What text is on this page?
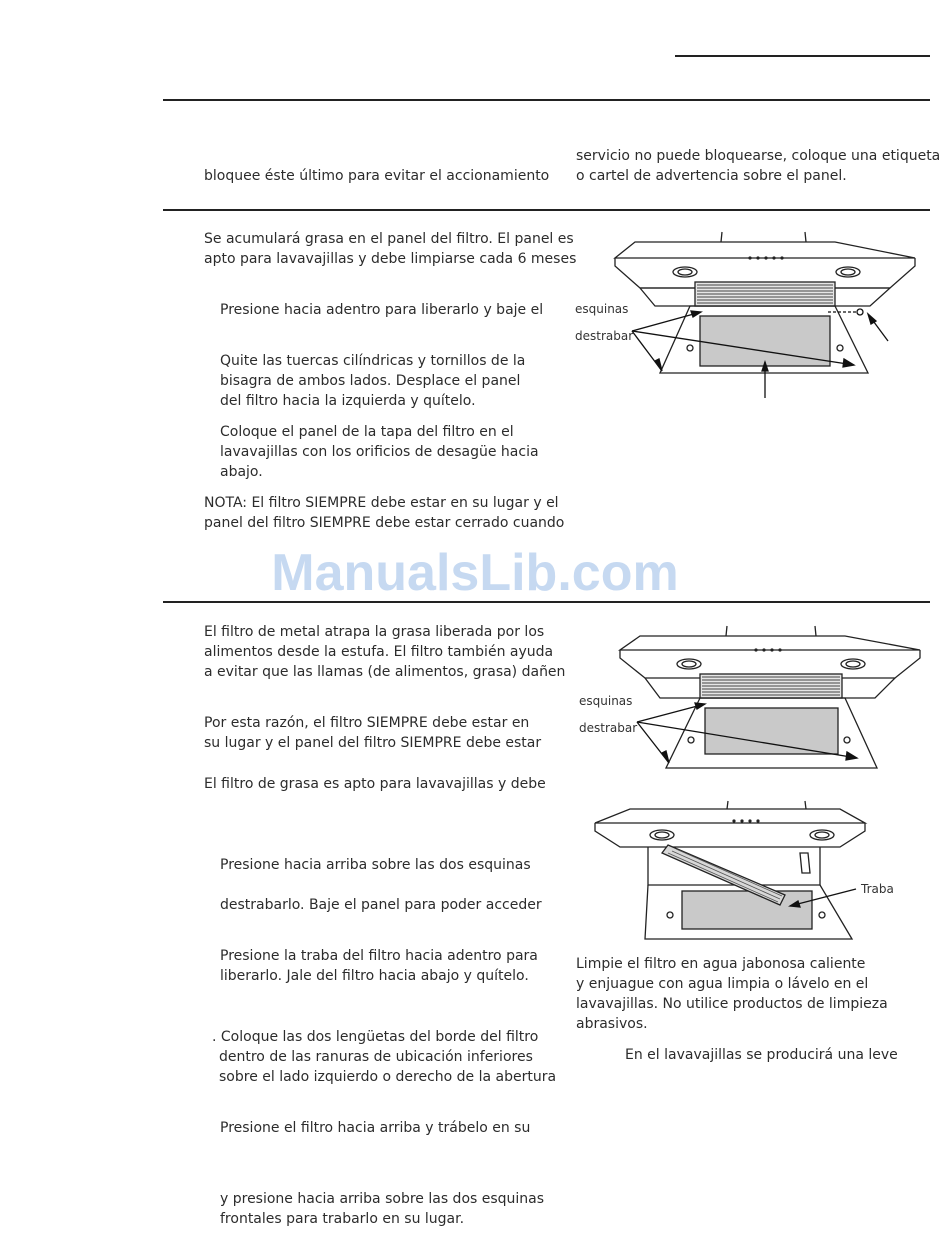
bloquee éste último para evitar el accionamiento
servicio no puede bloquearse, coloque una etiqueta
o cartel de advertencia sobre el panel.
Se acumulará grasa en el panel del filtro. El panel es
apto para lavavajillas y debe limpiarse cada 6 meses
Presione hacia adentro para liberarlo y baje el
Quite las tuercas cilíndricas y tornillos de la
bisagra de ambos lados. Desplace el panel
del filtro hacia la izquierda y quítelo.
Coloque el panel de la tapa del filtro en el
lavavajillas con los orificios de desagüe hacia
abajo.
NOTA: El filtro SIEMPRE debe estar en su lugar y el
panel del filtro SIEMPRE debe estar cerrado cuando
esquinas
destrabar
ManualsLib.com
El filtro de metal atrapa la grasa liberada por los
alimentos desde la estufa. El filtro también ayuda
a evitar que las llamas (de alimentos, grasa) dañen
Por esta razón, el filtro SIEMPRE debe estar en
su lugar y el panel del filtro SIEMPRE debe estar
El filtro de grasa es apto para lavavajillas y debe
Presione hacia arriba sobre las dos esquinas
destrabarlo. Baje el panel para poder acceder
Presione la traba del filtro hacia adentro para
liberarlo. Jale del filtro hacia abajo y quítelo.
. Coloque las dos lengüetas del borde del filtro
dentro de las ranuras de ubicación inferiores
sobre el lado izquierdo o derecho de la abertura
Presione el filtro hacia arriba y trábelo en su
y presione hacia arriba sobre las dos esquinas
frontales para trabarlo en su lugar.
esquinas
destrabar
Traba
Limpie el filtro en agua jabonosa caliente
y enjuague con agua limpia o lávelo en el
lavavajillas. No utilice productos de limpieza
abrasivos.
En el lavavajillas se producirá una leve
